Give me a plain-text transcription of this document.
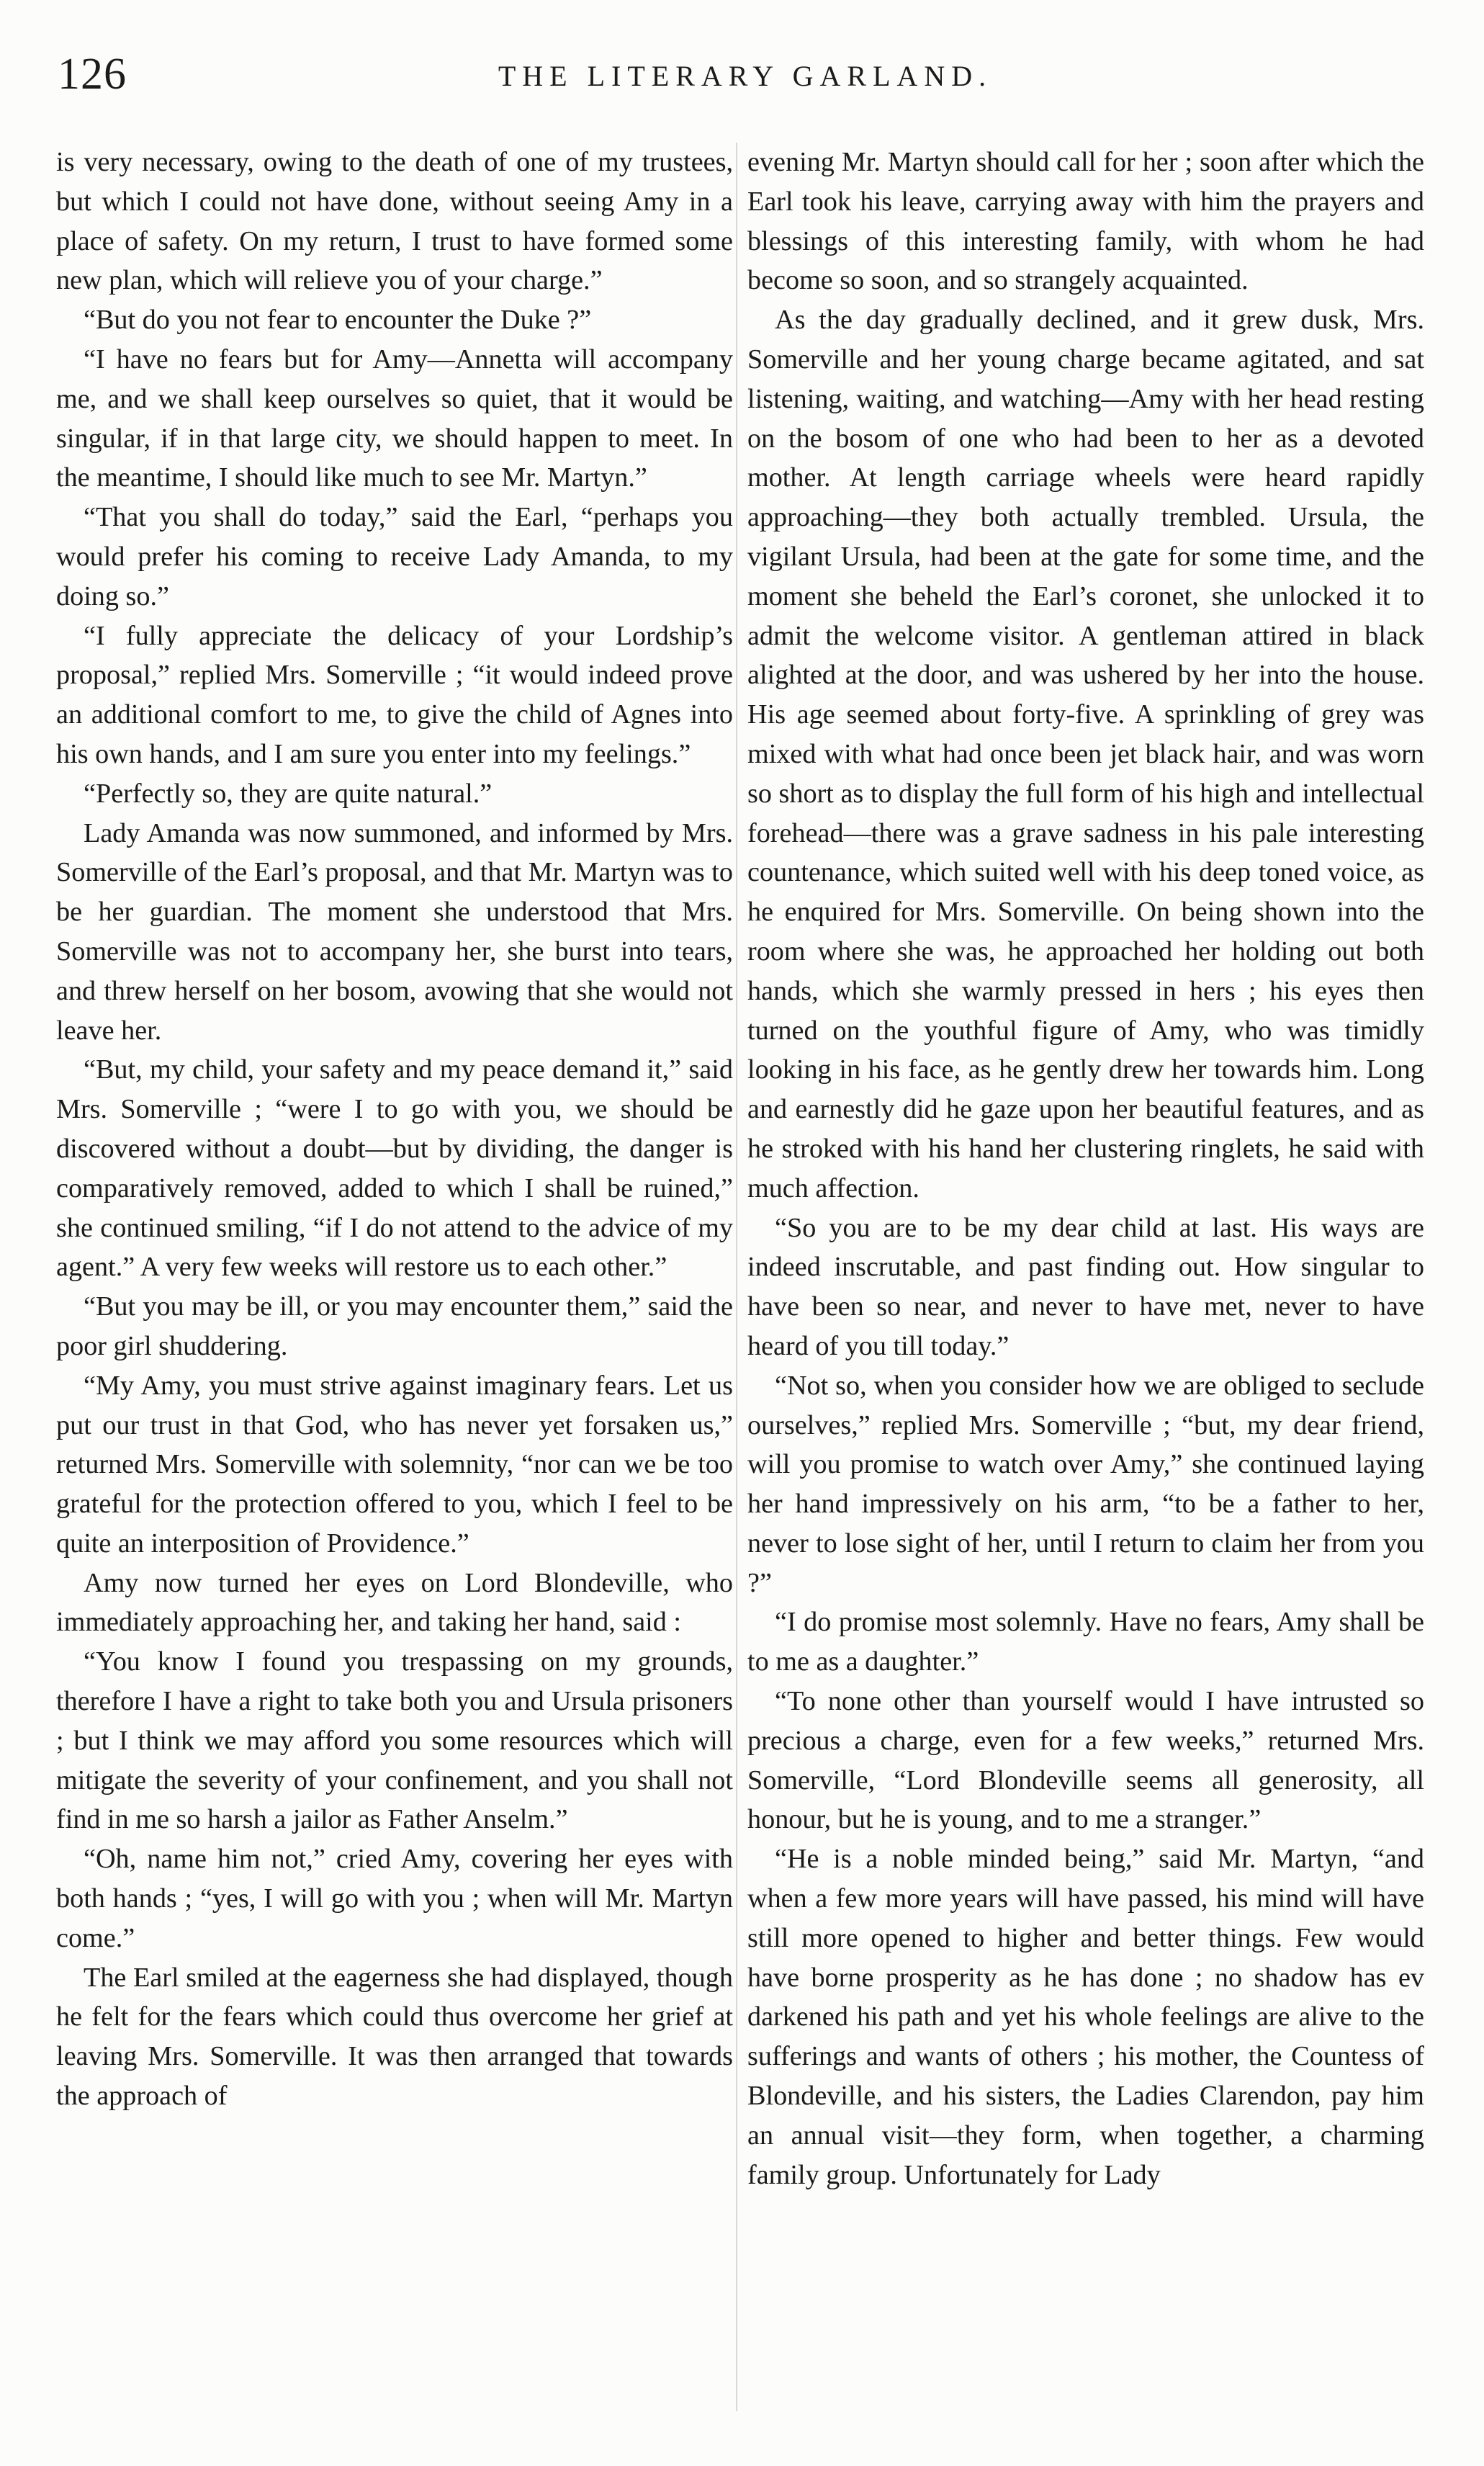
126	THE LITERARY GARLAND.

is very necessary, owing to the death of one of my trustees, but which I could not have done, without seeing Amy in a place of safety. On my return, I trust to have formed some new plan, which will relieve you of your charge.”

“But do you not fear to encounter the Duke ?”

“I have no fears but for Amy—Annetta will accompany me, and we shall keep ourselves so quiet, that it would be singular, if in that large city, we should happen to meet. In the meantime, I should like much to see Mr. Martyn.”

“That you shall do today,” said the Earl, “perhaps you would prefer his coming to receive Lady Amanda, to my doing so.”

“I fully appreciate the delicacy of your Lordship’s proposal,” replied Mrs. Somerville ; “it would indeed prove an additional comfort to me, to give the child of Agnes into his own hands, and I am sure you enter into my feelings.”

“Perfectly so, they are quite natural.”

Lady Amanda was now summoned, and informed by Mrs. Somerville of the Earl’s proposal, and that Mr. Martyn was to be her guardian. The moment she understood that Mrs. Somerville was not to accompany her, she burst into tears, and threw herself on her bosom, avowing that she would not leave her.

“But, my child, your safety and my peace demand it,” said Mrs. Somerville ; “were I to go with you, we should be discovered without a doubt—but by dividing, the danger is comparatively removed, added to which I shall be ruined,” she continued smiling, “if I do not attend to the advice of my agent.” A very few weeks will restore us to each other.”

“But you may be ill, or you may encounter them,” said the poor girl shuddering.

“My Amy, you must strive against imaginary fears. Let us put our trust in that God, who has never yet forsaken us,” returned Mrs. Somerville with solemnity, “nor can we be too grateful for the protection offered to you, which I feel to be quite an interposition of Providence.”

Amy now turned her eyes on Lord Blondeville, who immediately approaching her, and taking her hand, said :

“You know I found you trespassing on my grounds, therefore I have a right to take both you and Ursula prisoners ; but I think we may afford you some resources which will mitigate the severity of your confinement, and you shall not find in me so harsh a jailor as Father Anselm.”

“Oh, name him not,” cried Amy, covering her eyes with both hands ; “yes, I will go with you ; when will Mr. Martyn come.”

The Earl smiled at the eagerness she had displayed, though he felt for the fears which could thus overcome her grief at leaving Mrs. Somerville. It was then arranged that towards the approach of

evening Mr. Martyn should call for her ; soon after which the Earl took his leave, carrying away with him the prayers and blessings of this interesting family, with whom he had become so soon, and so strangely acquainted.

As the day gradually declined, and it grew dusk, Mrs. Somerville and her young charge became agitated, and sat listening, waiting, and watching—Amy with her head resting on the bosom of one who had been to her as a devoted mother. At length carriage wheels were heard rapidly approaching—they both actually trembled. Ursula, the vigilant Ursula, had been at the gate for some time, and the moment she beheld the Earl’s coronet, she unlocked it to admit the welcome visitor. A gentleman attired in black alighted at the door, and was ushered by her into the house. His age seemed about forty-five. A sprinkling of grey was mixed with what had once been jet black hair, and was worn so short as to display the full form of his high and intellectual forehead—there was a grave sadness in his pale interesting countenance, which suited well with his deep toned voice, as he enquired for Mrs. Somerville. On being shown into the room where she was, he approached her holding out both hands, which she warmly pressed in hers ; his eyes then turned on the youthful figure of Amy, who was timidly looking in his face, as he gently drew her towards him. Long and earnestly did he gaze upon her beautiful features, and as he stroked with his hand her clustering ringlets, he said with much affection.

“So you are to be my dear child at last. His ways are indeed inscrutable, and past finding out. How singular to have been so near, and never to have met, never to have heard of you till today.”

“Not so, when you consider how we are obliged to seclude ourselves,” replied Mrs. Somerville ; “but, my dear friend, will you promise to watch over Amy,” she continued laying her hand impressively on his arm, “to be a father to her, never to lose sight of her, until I return to claim her from you ?”

“I do promise most solemnly. Have no fears, Amy shall be to me as a daughter.”

“To none other than yourself would I have intrusted so precious a charge, even for a few weeks,” returned Mrs. Somerville, “Lord Blondeville seems all generosity, all honour, but he is young, and to me a stranger.”

“He is a noble minded being,” said Mr. Martyn, “and when a few more years will have passed, his mind will have still more opened to higher and better things. Few would have borne prosperity as he has done ; no shadow has ev darkened his path and yet his whole feelings are alive to the sufferings and wants of others ; his mother, the Countess of Blondeville, and his sisters, the Ladies Clarendon, pay him an annual visit—they form, when together, a charming family group. Unfortunately for Lady
